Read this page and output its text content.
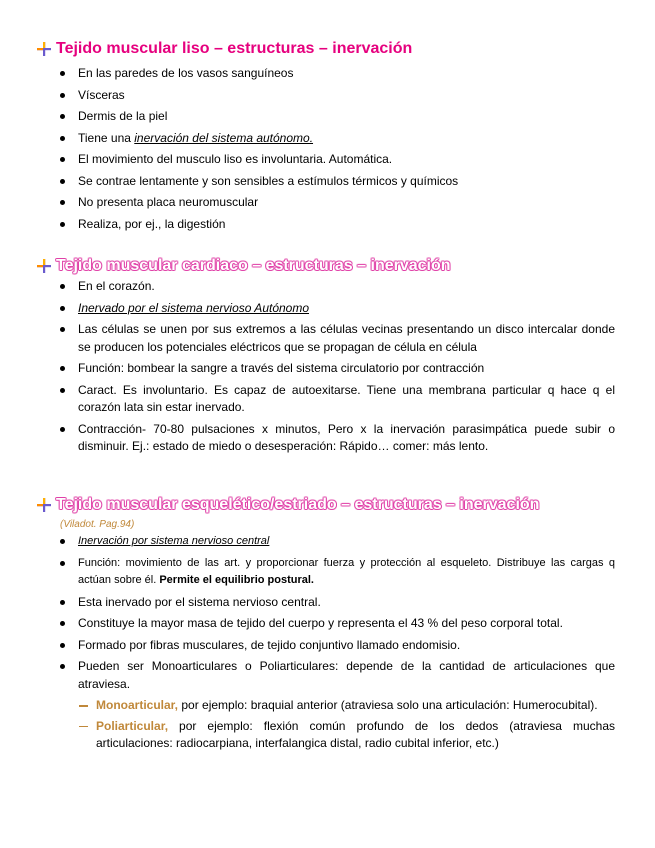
Tejido muscular liso – estructuras – inervación
En las paredes de los vasos sanguíneos
Vísceras
Dermis de la piel
Tiene una inervación del sistema autónomo.
El movimiento del musculo liso es involuntaria. Automática.
Se contrae lentamente y son sensibles a estímulos térmicos y químicos
No presenta placa neuromuscular
Realiza, por ej., la digestión
Tejido muscular cardiaco – estructuras – inervación
En el corazón.
Inervado por el sistema nervioso Autónomo
Las células se unen por sus extremos a las células vecinas presentando un disco intercalar donde se producen los potenciales eléctricos que se propagan de célula en célula
Función: bombear la sangre a través del sistema circulatorio por contracción
Caract. Es involuntario. Es capaz de autoexitarse. Tiene una membrana particular q hace q el corazón lata sin estar inervado.
Contracción- 70-80 pulsaciones x minutos, Pero x la inervación parasimpática puede subir o disminuir. Ej.: estado de miedo o desesperación: Rápido… comer: más lento.
Tejido muscular esquelético/estriado – estructuras – inervación
(Viladot. Pag.94)
Inervación por sistema nervioso central
Función: movimiento de las art. y proporcionar fuerza y protección al esqueleto. Distribuye las cargas q actúan sobre él. Permite el equilibrio postural.
Esta inervado por el sistema nervioso central.
Constituye la mayor masa de tejido del cuerpo y representa el 43 % del peso corporal total.
Formado por fibras musculares, de tejido conjuntivo llamado endomisio.
Pueden ser Monoarticulares o Poliarticulares: depende de la cantidad de articulaciones que atraviesa.
Monoarticular, por ejemplo: braquial anterior (atraviesa solo una articulación: Humerocubital).
Poliarticular, por ejemplo: flexión común profundo de los dedos (atraviesa muchas articulaciones: radiocarpiana, interfalangica distal, radio cubital inferior, etc.)
